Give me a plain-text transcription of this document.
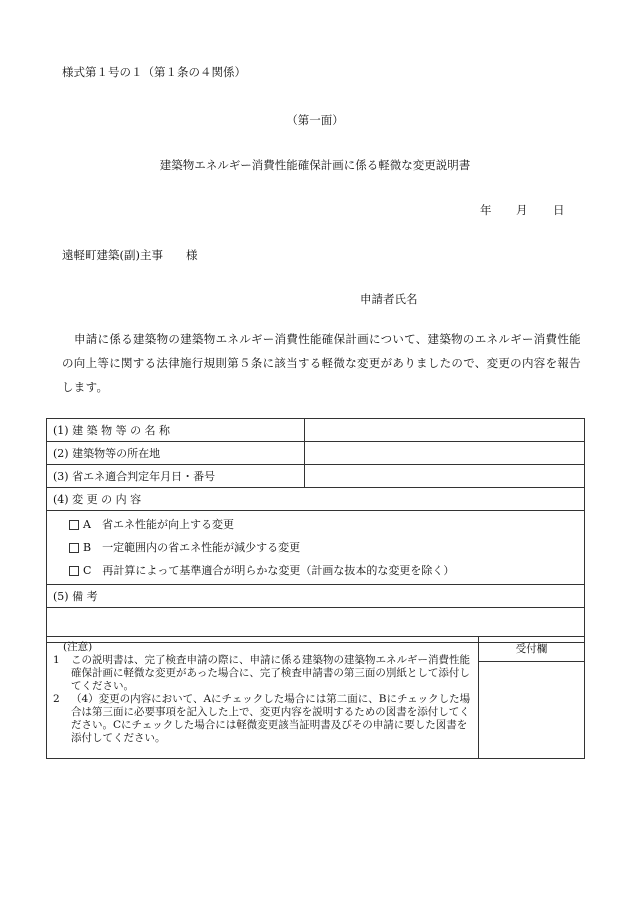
様式第１号の１（第１条の４関係）
（第一面）
建築物エネルギー消費性能確保計画に係る軽微な変更説明書
年 月 日
遠軽町建築(副)主事　　様
申請者氏名
申請に係る建築物の建築物エネルギー消費性能確保計画について、建築物のエネルギー消費性能の向上等に関する法律施行規則第５条に該当する軽微な変更がありましたので、変更の内容を報告します。
(1) 建 築 物 等 の 名 称	
(2) 建築物等の所在地	
(3) 省エネ適合判定年月日・番号	
(4) 変 更 の 内 容	

A　省エネ性能が向上する変更
B　一定範囲内の省エネ性能が減少する変更
C　再計算によって基準適合が明らかな変更（計画な抜本的な変更を除く）	

(5) 備 考	

(注意)
1	この説明書は、完了検査申請の際に、申請に係る建築物の建築物エネルギー消費性能確保計画に軽微な変更があった場合に、完了検査申請書の第三面の別紙として添付してください。
2	（4）変更の内容において、Aにチェックした場合には第二面に、Bにチェックした場合は第三面に必要事項を記入した上で、変更内容を説明するための図書を添付してください。Cにチェックした場合には軽微変更該当証明書及びその申請に要した図書を添付してください。

受付欄
